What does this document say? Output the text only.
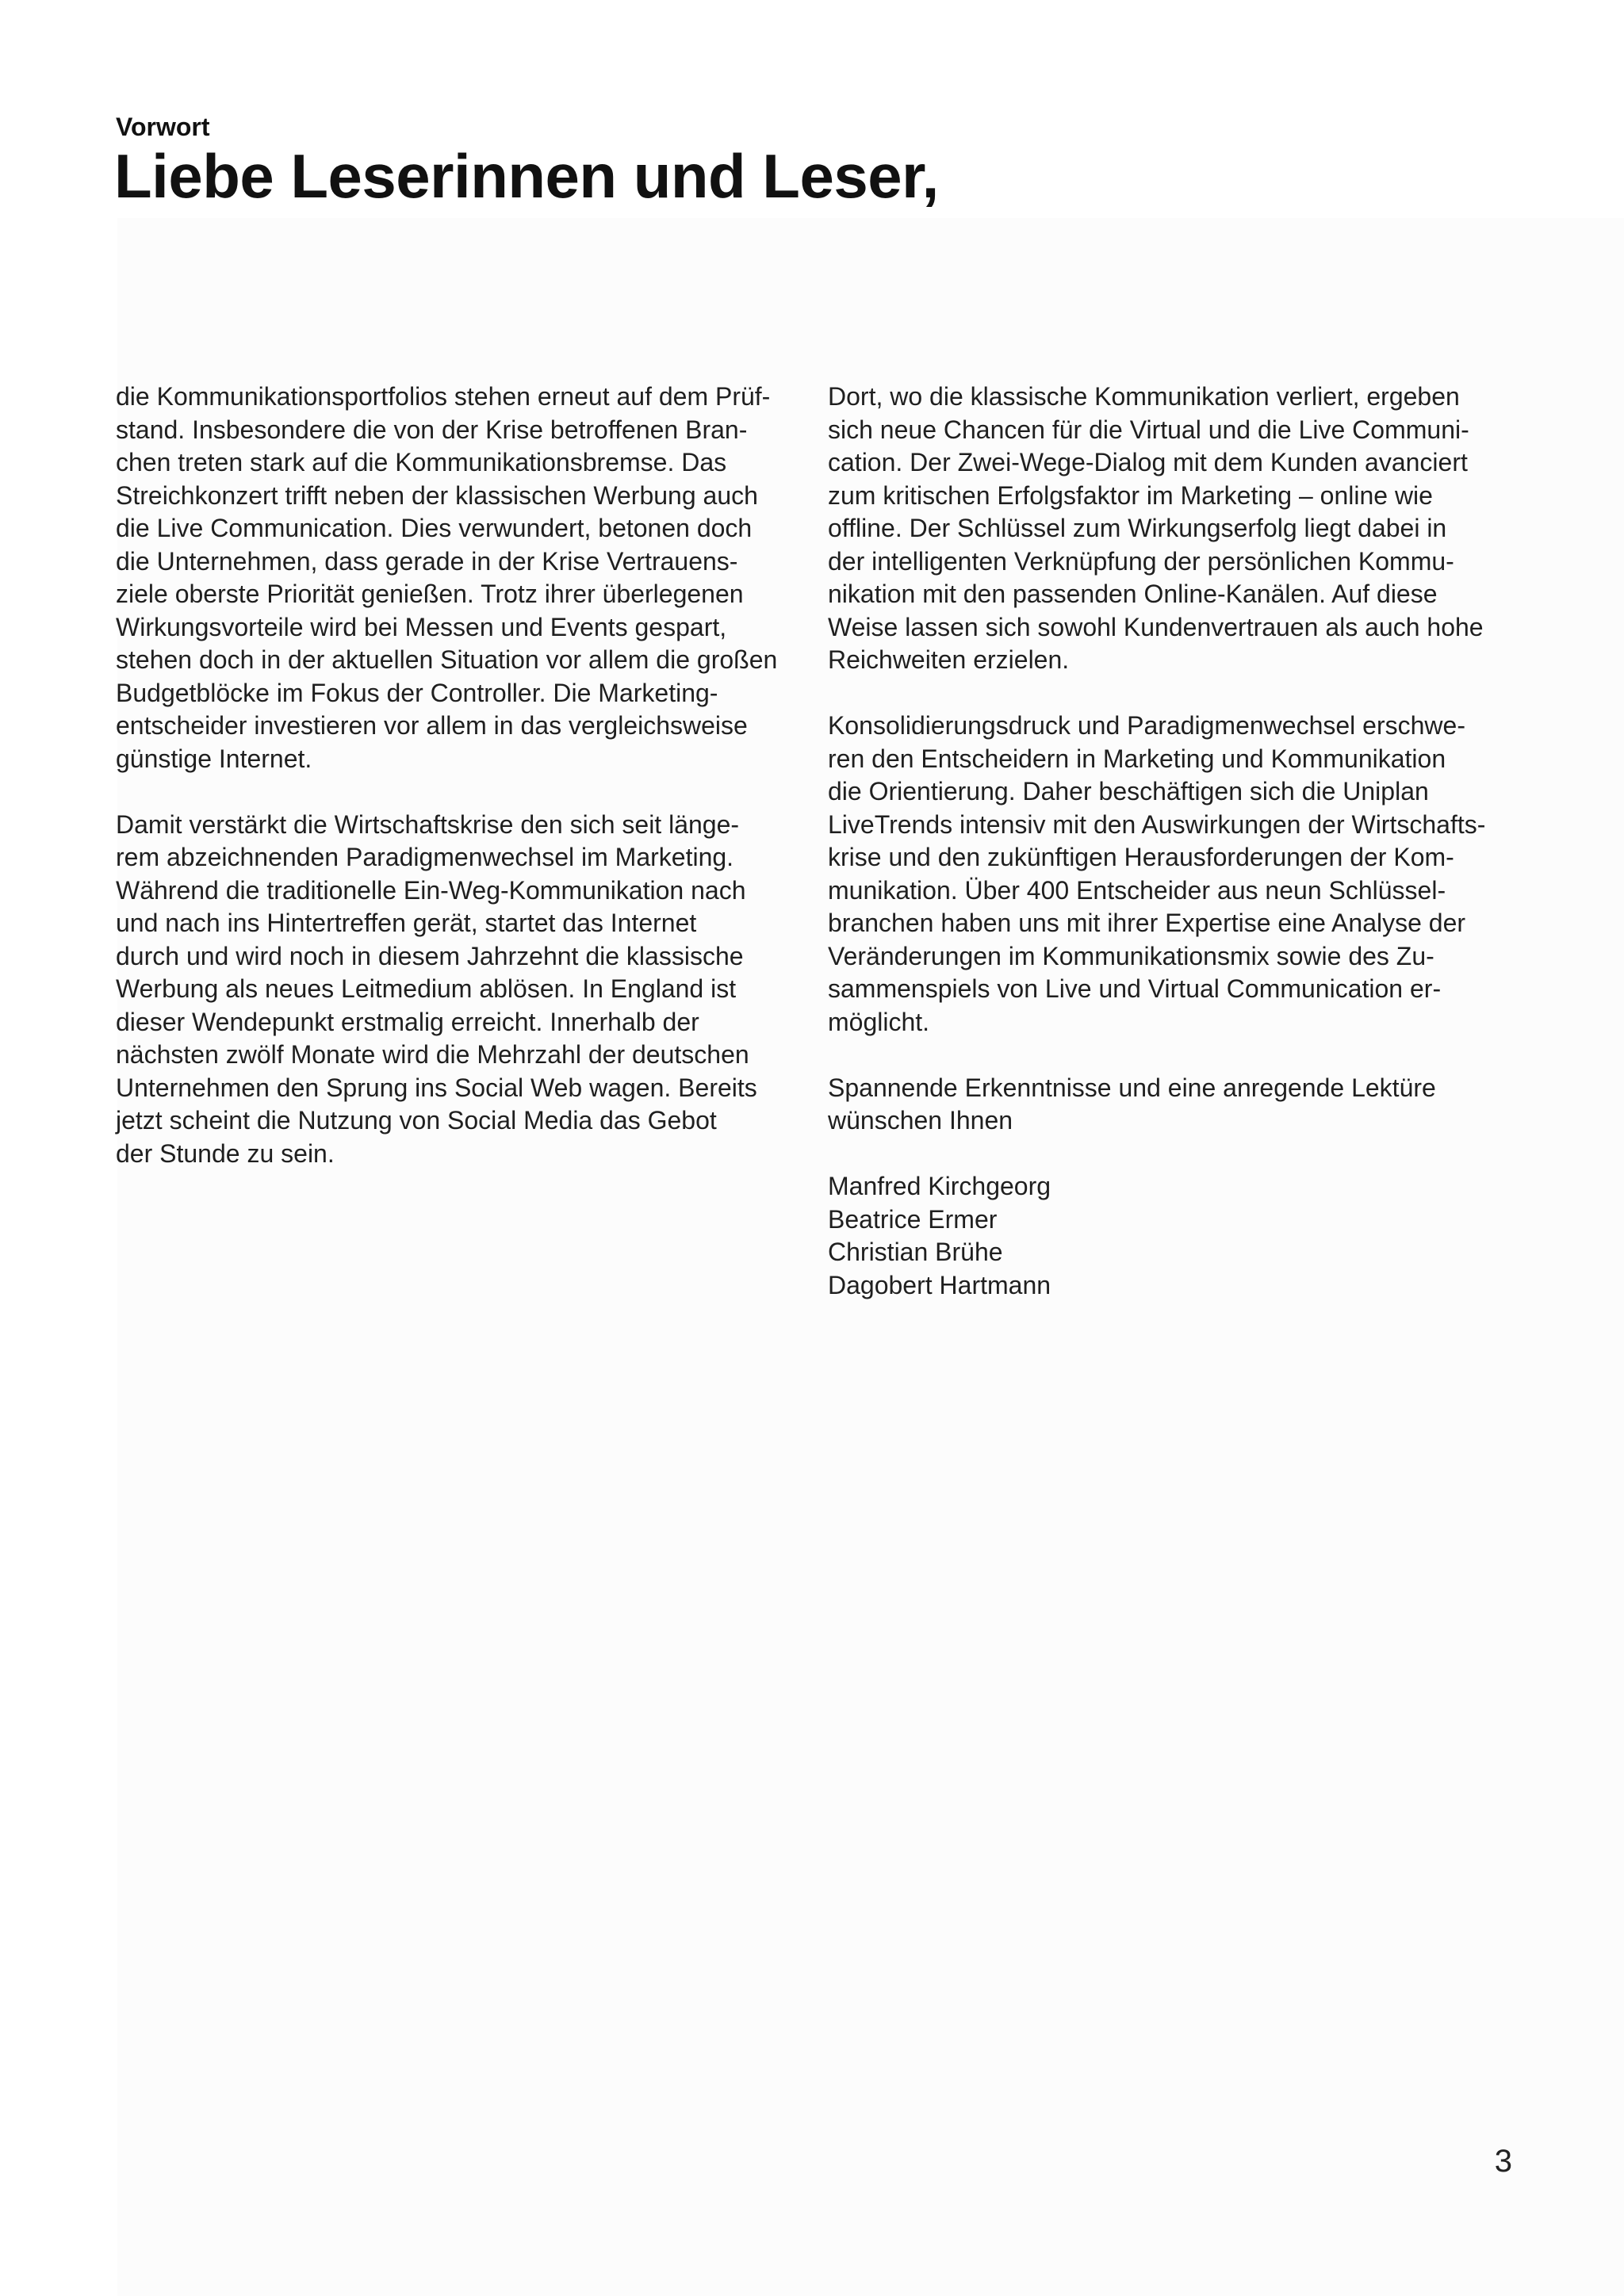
Vorwort

Liebe Leserinnen und Leser,

die Kommunikationsportfolios stehen erneut auf dem Prüf-
stand. Insbesondere die von der Krise betroffenen Bran-
chen treten stark auf die Kommunikationsbremse. Das
Streichkonzert trifft neben der klassischen Werbung auch
die Live Communication. Dies verwundert, betonen doch
die Unternehmen, dass gerade in der Krise Vertrauens-
ziele oberste Priorität genießen. Trotz ihrer überlegenen
Wirkungsvorteile wird bei Messen und Events gespart,
stehen doch in der aktuellen Situation vor allem die großen
Budgetblöcke im Fokus der Controller. Die Marketing-
entscheider investieren vor allem in das vergleichsweise
günstige Internet.

Damit verstärkt die Wirtschaftskrise den sich seit länge-
rem abzeichnenden Paradigmenwechsel im Marketing.
Während die traditionelle Ein-Weg-Kommunikation nach
und nach ins Hintertreffen gerät, startet das Internet
durch und wird noch in diesem Jahrzehnt die klassische
Werbung als neues Leitmedium ablösen. In England ist
dieser Wendepunkt erstmalig erreicht. Innerhalb der
nächsten zwölf Monate wird die Mehrzahl der deutschen
Unternehmen den Sprung ins Social Web wagen. Bereits
jetzt scheint die Nutzung von Social Media das Gebot
der Stunde zu sein.

Dort, wo die klassische Kommunikation verliert, ergeben
sich neue Chancen für die Virtual und die Live Communi-
cation. Der Zwei-Wege-Dialog mit dem Kunden avanciert
zum kritischen Erfolgsfaktor im Marketing – online wie
offline. Der Schlüssel zum Wirkungserfolg liegt dabei in
der intelligenten Verknüpfung der persönlichen Kommu-
nikation mit den passenden Online-Kanälen. Auf diese
Weise lassen sich sowohl Kundenvertrauen als auch hohe
Reichweiten erzielen.

Konsolidierungsdruck und Paradigmenwechsel erschwe-
ren den Entscheidern in Marketing und Kommunikation
die Orientierung. Daher beschäftigen sich die Uniplan
LiveTrends intensiv mit den Auswirkungen der Wirtschafts-
krise und den zukünftigen Herausforderungen der Kom-
munikation. Über 400 Entscheider aus neun Schlüssel-
branchen haben uns mit ihrer Expertise eine Analyse der
Veränderungen im Kommunikationsmix sowie des Zu-
sammenspiels von Live und Virtual Communication er-
möglicht.

Spannende Erkenntnisse und eine anregende Lektüre
wünschen Ihnen

Manfred Kirchgeorg
Beatrice Ermer
Christian Brühe
Dagobert Hartmann
3
